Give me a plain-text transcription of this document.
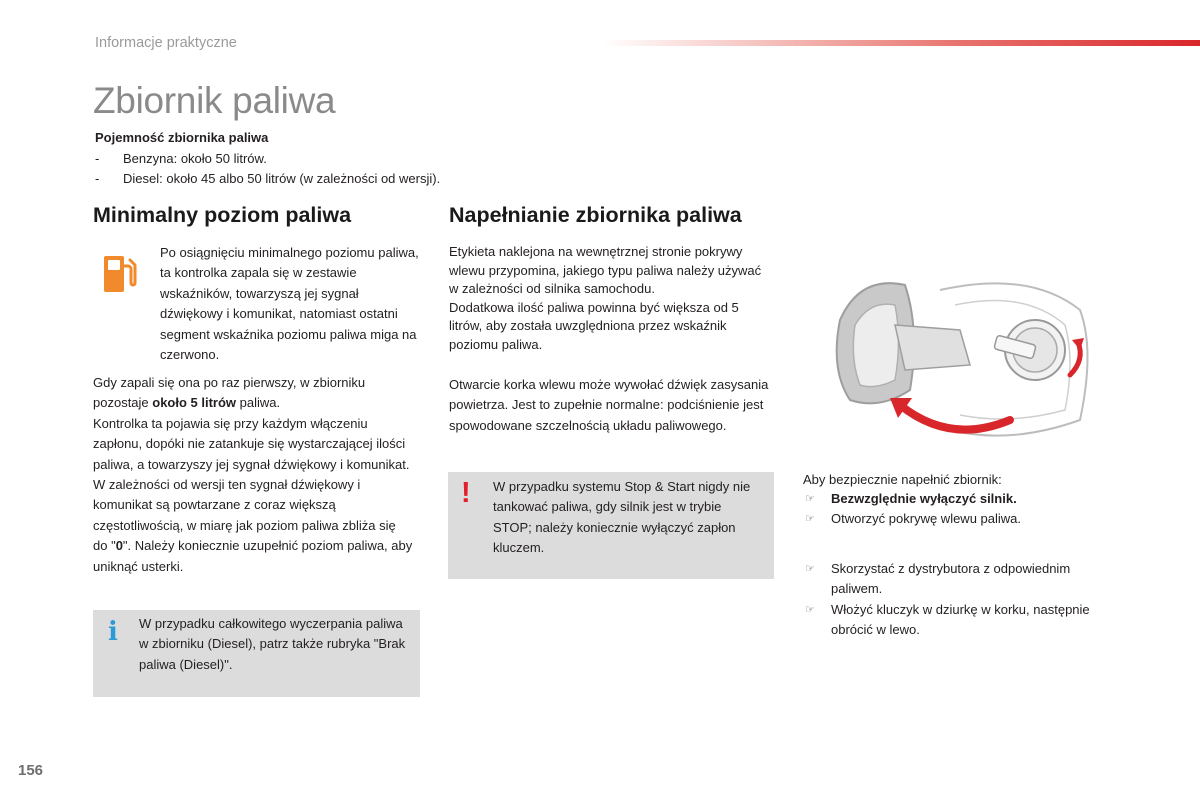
Informacje praktyczne
Zbiornik paliwa
Pojemność zbiornika paliwa
- Benzyna: około 50 litrów.
- Diesel: około 45 albo 50 litrów (w zależności od wersji).
Minimalny poziom paliwa

Po osiągnięciu minimalnego poziomu paliwa, ta kontrolka zapala się w zestawie wskaźników, towarzyszą jej sygnał dźwiękowy i komunikat, natomiast ostatni segment wskaźnika poziomu paliwa miga na czerwono.

Gdy zapali się ona po raz pierwszy, w zbiorniku pozostaje około 5 litrów paliwa.
Kontrolka ta pojawia się przy każdym włączeniu zapłonu, dopóki nie zatankuje się wystarczającej ilości paliwa, a towarzyszy jej sygnał dźwiękowy i komunikat. W zależności od wersji ten sygnał dźwiękowy i komunikat są powtarzane z coraz większą częstotliwością, w miarę jak poziom paliwa zbliża się do "0". Należy koniecznie uzupełnić poziom paliwa, aby uniknąć usterki.
i W przypadku całkowitego wyczerpania paliwa w zbiorniku (Diesel), patrz także rubryka "Brak paliwa (Diesel)".

Napełnianie zbiornika paliwa

Etykieta naklejona na wewnętrznej stronie pokrywy wlewu przypomina, jakiego typu paliwa należy używać w zależności od silnika samochodu.
Dodatkowa ilość paliwa powinna być większa od 5 litrów, aby została uwzględniona przez wskaźnik poziomu paliwa.

Otwarcie korka wlewu może wywołać dźwięk zasysania powietrza. Jest to zupełnie normalne: podciśnienie jest spowodowane szczelnością układu paliwowego.

! W przypadku systemu Stop & Start nigdy nie tankować paliwa, gdy silnik jest w trybie STOP; należy koniecznie wyłączyć zapłon kluczem.

Aby bezpiecznie napełnić zbiornik:
☞ Bezwzględnie wyłączyć silnik.
☞ Otworzyć pokrywę wlewu paliwa.
☞ Skorzystać z dystrybutora z odpowiednim paliwem.
☞ Włożyć kluczyk w dziurkę w korku, następnie obrócić w lewo.
156
